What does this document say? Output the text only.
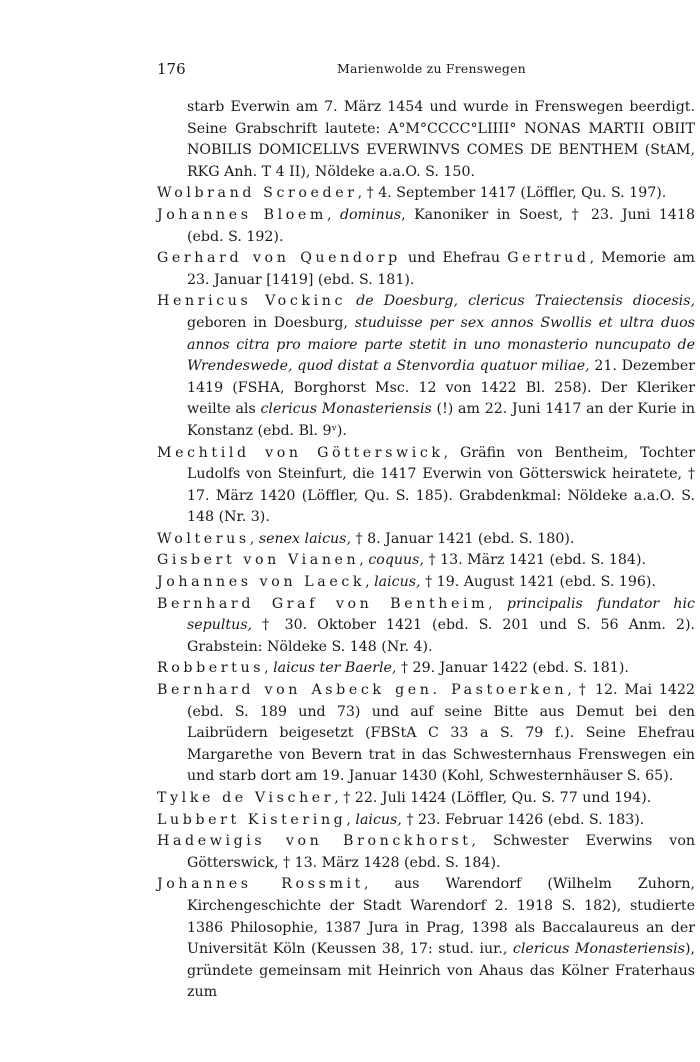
176	Marienwolde zu Frenswegen

starb Everwin am 7. März 1454 und wurde in Frenswegen beerdigt. Seine Grabschrift lautete: A°M°CCCC°LIIII° NONAS MARTII OBIIT NOBILIS DOMICELLVS EVERWINVS COMES DE BENTHEM (StAM, RKG Anh. T 4 II), Nöldeke a.a.O. S. 150.

Wolbrand Scroeder, † 4. September 1417 (Löffler, Qu. S. 197).

Johannes Bloem, dominus, Kanoniker in Soest, † 23. Juni 1418 (ebd. S. 192).

Gerhard von Quendorp und Ehefrau Gertrud, Memorie am 23. Januar [1419] (ebd. S. 181).

Henricus Vockinc de Doesburg, clericus Traiectensis diocesis, geboren in Doesburg, studuisse per sex annos Swollis et ultra duos annos citra pro maiore parte stetit in uno monasterio nuncupato de Wrendeswede, quod distat a Stenvordia quatuor miliae, 21. Dezember 1419 (FSHA, Borghorst Msc. 12 von 1422 Bl. 258). Der Kleriker weilte als clericus Monasteriensis (!) am 22. Juni 1417 an der Kurie in Konstanz (ebd. Bl. 9ᵛ).

Mechtild von Götterswick, Gräfin von Bentheim, Tochter Ludolfs von Steinfurt, die 1417 Everwin von Götterswick heiratete, † 17. März 1420 (Löffler, Qu. S. 185). Grabdenkmal: Nöldeke a.a.O. S. 148 (Nr. 3).

Wolterus, senex laicus, † 8. Januar 1421 (ebd. S. 180).

Gisbert von Vianen, coquus, † 13. März 1421 (ebd. S. 184).

Johannes von Laeck, laicus, † 19. August 1421 (ebd. S. 196).

Bernhard Graf von Bentheim, principalis fundator hic sepultus, † 30. Oktober 1421 (ebd. S. 201 und S. 56 Anm. 2). Grabstein: Nöldeke S. 148 (Nr. 4).

Robbertus, laicus ter Baerle, † 29. Januar 1422 (ebd. S. 181).

Bernhard von Asbeck gen. Pastoerken, † 12. Mai 1422 (ebd. S. 189 und 73) und auf seine Bitte aus Demut bei den Laibrüdern beigesetzt (FBStA C 33 a S. 79 f.). Seine Ehefrau Margarethe von Bevern trat in das Schwesternhaus Frenswegen ein und starb dort am 19. Januar 1430 (Kohl, Schwesternhäuser S. 65).

Tylke de Vischer, † 22. Juli 1424 (Löffler, Qu. S. 77 und 194).

Lubbert Kistering, laicus, † 23. Februar 1426 (ebd. S. 183).

Hadewigis von Bronckhorst, Schwester Everwins von Götterswick, † 13. März 1428 (ebd. S. 184).

Johannes Rossmit, aus Warendorf (Wilhelm Zuhorn, Kirchengeschichte der Stadt Warendorf 2. 1918 S. 182), studierte 1386 Philosophie, 1387 Jura in Prag, 1398 als Baccalaureus an der Universität Köln (Keussen 38, 17: stud. iur., clericus Monasteriensis), gründete gemeinsam mit Heinrich von Ahaus das Kölner Fraterhaus zum
